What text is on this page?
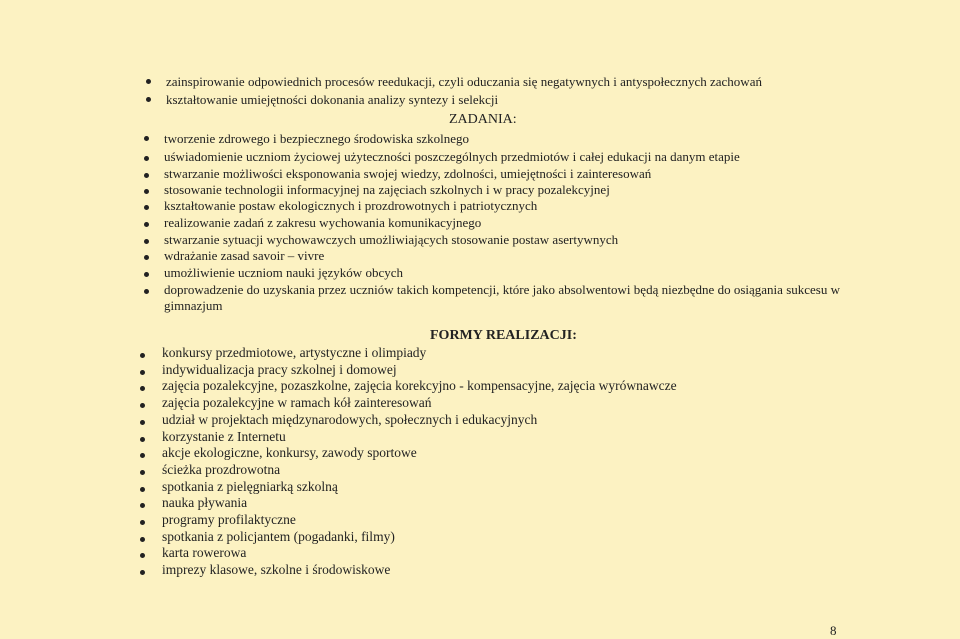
zainspirowanie odpowiednich procesów reedukacji, czyli oduczania się negatywnych i antyspołecznych zachowań
kształtowanie umiejętności dokonania analizy syntezy i selekcji
ZADANIA:
tworzenie zdrowego i bezpiecznego środowiska szkolnego
uświadomienie uczniom życiowej użyteczności poszczególnych przedmiotów i całej edukacji na danym etapie
stwarzanie możliwości eksponowania swojej wiedzy, zdolności, umiejętności i zainteresowań
stosowanie technologii informacyjnej na zajęciach szkolnych i w pracy pozalekcyjnej
kształtowanie postaw ekologicznych i prozdrowotnych i patriotycznych
realizowanie zadań z zakresu wychowania komunikacyjnego
stwarzanie sytuacji wychowawczych umożliwiających stosowanie postaw asertywnych
wdrażanie zasad savoir – vivre
umożliwienie uczniom nauki języków obcych
doprowadzenie do uzyskania przez uczniów takich kompetencji, które jako absolwentowi będą niezbędne do osiągania sukcesu w gimnazjum
FORMY REALIZACJI:
konkursy przedmiotowe, artystyczne i olimpiady
indywidualizacja pracy szkolnej i domowej
zajęcia pozalekcyjne, pozaszkolne, zajęcia korekcyjno - kompensacyjne, zajęcia wyrównawcze
zajęcia pozalekcyjne w ramach kół zainteresowań
udział w projektach międzynarodowych, społecznych i edukacyjnych
korzystanie z Internetu
akcje ekologiczne, konkursy, zawody sportowe
ścieżka prozdrowotna
spotkania z pielęgniarką szkolną
nauka pływania
programy profilaktyczne
spotkania z policjantem (pogadanki, filmy)
karta rowerowa
imprezy klasowe, szkolne i środowiskowe
8
